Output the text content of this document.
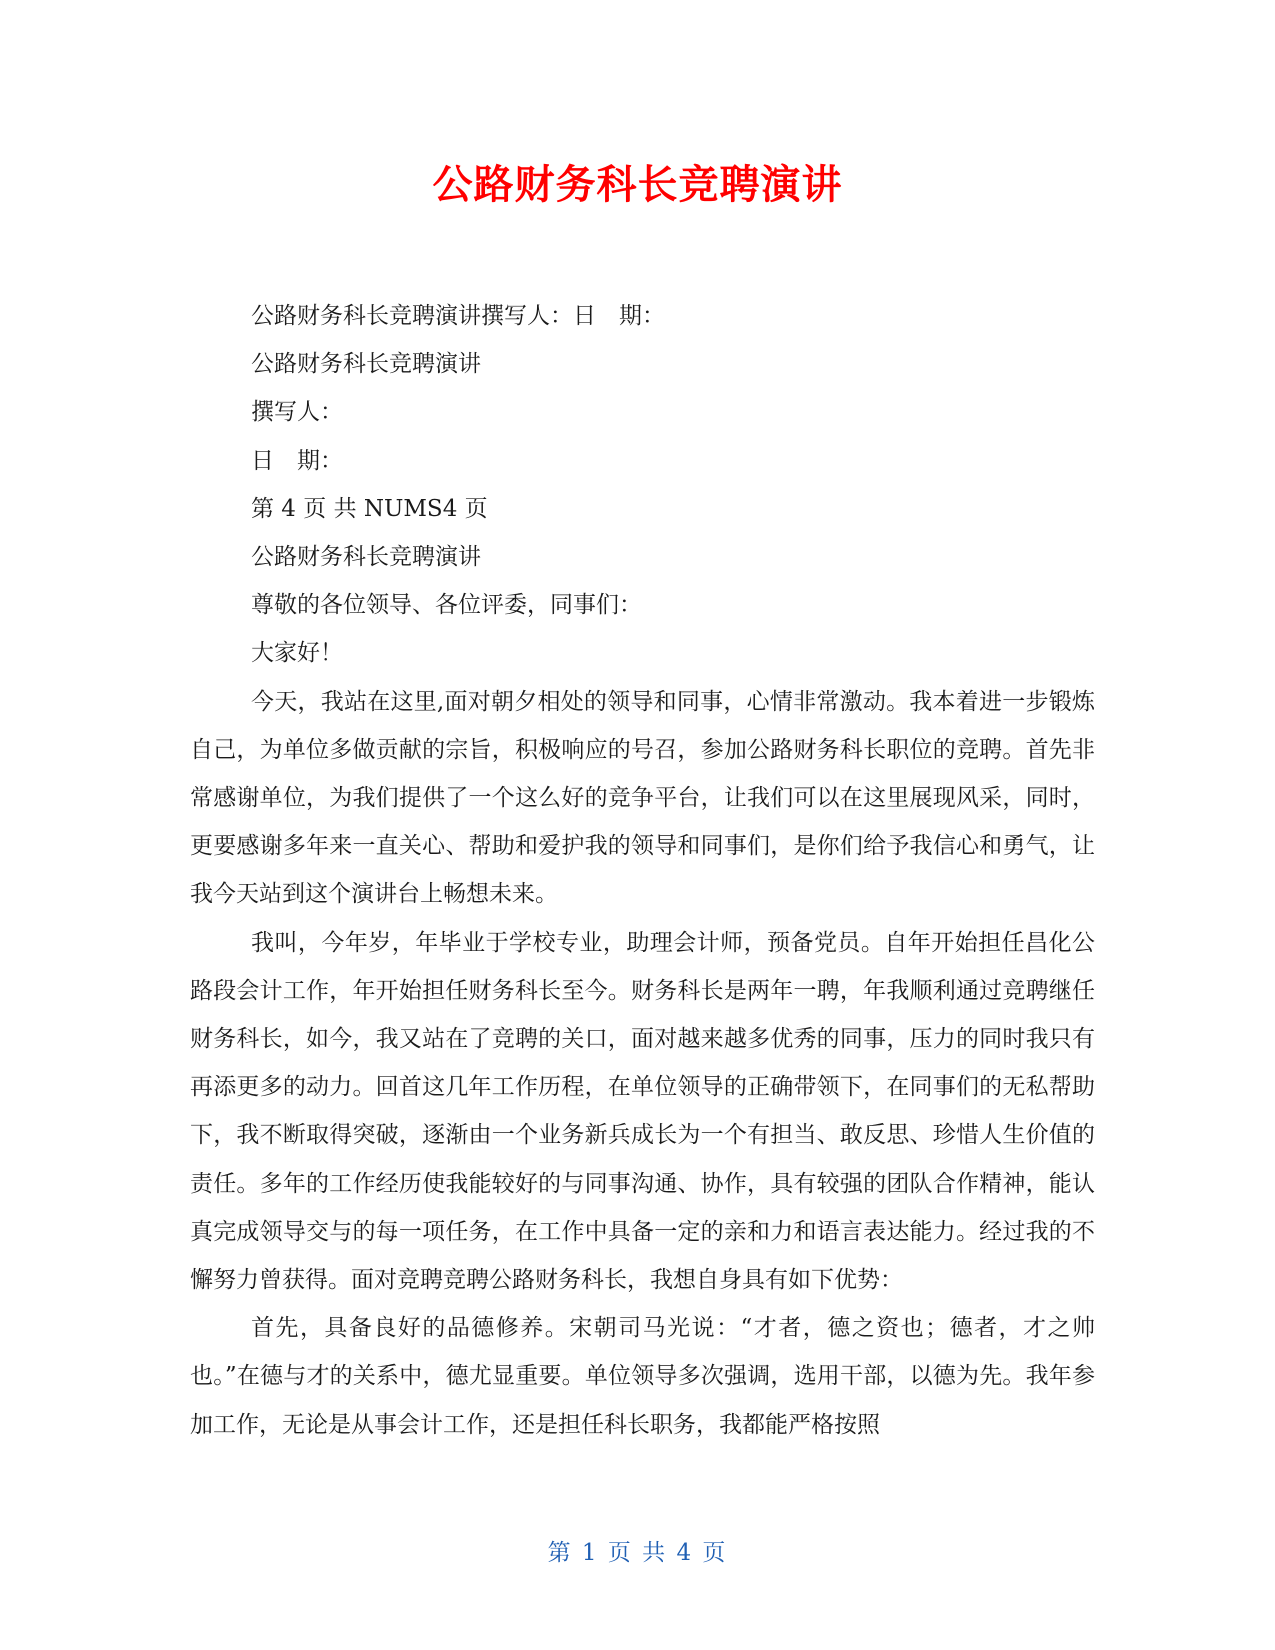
公路财务科长竞聘演讲

公路财务科长竞聘演讲撰写人：日　期：

公路财务科长竞聘演讲

撰写人：

日　期：

第 4 页 共 NUMS4 页

公路财务科长竞聘演讲

尊敬的各位领导、各位评委，同事们：

大家好！

今天，我站在这里,面对朝夕相处的领导和同事，心情非常激动。我本着进一步锻炼自己，为单位多做贡献的宗旨，积极响应的号召，参加公路财务科长职位的竞聘。首先非常感谢单位，为我们提供了一个这么好的竞争平台，让我们可以在这里展现风采，同时，更要感谢多年来一直关心、帮助和爱护我的领导和同事们，是你们给予我信心和勇气，让我今天站到这个演讲台上畅想未来。

我叫，今年岁，年毕业于学校专业，助理会计师，预备党员。自年开始担任昌化公路段会计工作，年开始担任财务科长至今。财务科长是两年一聘，年我顺利通过竞聘继任财务科长，如今，我又站在了竞聘的关口，面对越来越多优秀的同事，压力的同时我只有再添更多的动力。回首这几年工作历程，在单位领导的正确带领下，在同事们的无私帮助下，我不断取得突破，逐渐由一个业务新兵成长为一个有担当、敢反思、珍惜人生价值的责任。多年的工作经历使我能较好的与同事沟通、协作，具有较强的团队合作精神，能认真完成领导交与的每一项任务，在工作中具备一定的亲和力和语言表达能力。经过我的不懈努力曾获得。面对竞聘竞聘公路财务科长，我想自身具有如下优势：

首先，具备良好的品德修养。宋朝司马光说：“才者，德之资也；德者，才之帅也。”在德与才的关系中，德尤显重要。单位领导多次强调，选用干部，以德为先。我年参加工作，无论是从事会计工作，还是担任科长职务，我都能严格按照

第 1 页 共 4 页
